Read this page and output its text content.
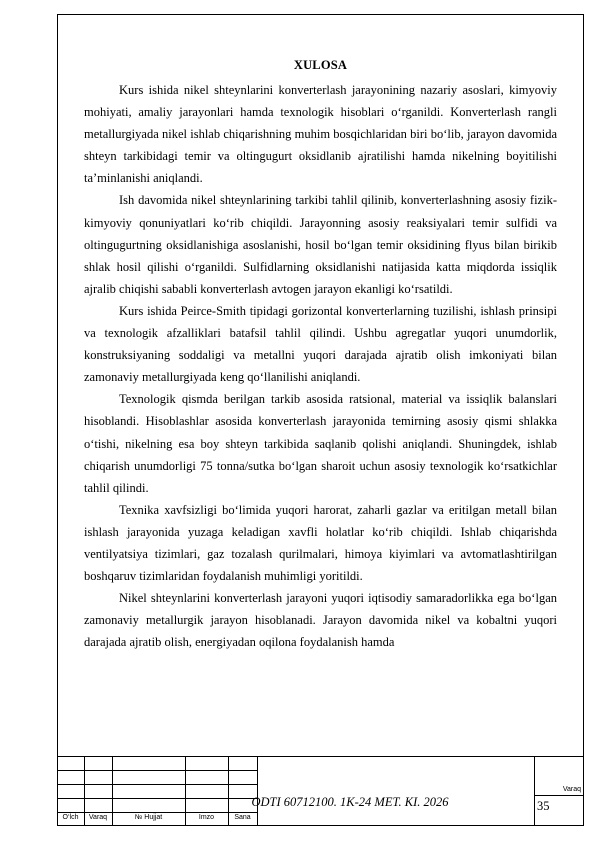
XULOSA

Kurs ishida nikel shteynlarini konverterlash jarayonining nazariy asoslari, kimyoviy mohiyati, amaliy jarayonlari hamda texnologik hisoblari o‘rganildi. Konverterlash rangli metallurgiyada nikel ishlab chiqarishning muhim bosqichlaridan biri bo‘lib, jarayon davomida shteyn tarkibidagi temir va oltingugurt oksidlanib ajratilishi hamda nikelning boyitilishi ta’minlanishi aniqlandi.

Ish davomida nikel shteynlarining tarkibi tahlil qilinib, konverterlashning asosiy fizik-kimyoviy qonuniyatlari ko‘rib chiqildi. Jarayonning asosiy reaksiyalari temir sulfidi va oltingugurtning oksidlanishiga asoslanishi, hosil bo‘lgan temir oksidining flyus bilan birikib shlak hosil qilishi o‘rganildi. Sulfidlarning oksidlanishi natijasida katta miqdorda issiqlik ajralib chiqishi sababli konverterlash avtogen jarayon ekanligi ko‘rsatildi.

Kurs ishida Peirce-Smith tipidagi gorizontal konverterlarning tuzilishi, ishlash prinsipi va texnologik afzalliklari batafsil tahlil qilindi. Ushbu agregatlar yuqori unumdorlik, konstruksiyaning soddaligi va metallni yuqori darajada ajratib olish imkoniyati bilan zamonaviy metallurgiyada keng qo‘llanilishi aniqlandi.

Texnologik qismda berilgan tarkib asosida ratsional, material va issiqlik balanslari hisoblandi. Hisoblashlar asosida konverterlash jarayonida temirning asosiy qismi shlakka o‘tishi, nikelning esa boy shteyn tarkibida saqlanib qolishi aniqlandi. Shuningdek, ishlab chiqarish unumdorligi 75 tonna/sutka bo‘lgan sharoit uchun asosiy texnologik ko‘rsatkichlar tahlil qilindi.

Texnika xavfsizligi bo‘limida yuqori harorat, zaharli gazlar va eritilgan metall bilan ishlash jarayonida yuzaga keladigan xavfli holatlar ko‘rib chiqildi. Ishlab chiqarishda ventilyatsiya tizimlari, gaz tozalash qurilmalari, himoya kiyimlari va avtomatlashtirilgan boshqaruv tizimlaridan foydalanish muhimligi yoritildi.

Nikel shteynlarini konverterlash jarayoni yuqori iqtisodiy samaradorlikka ega bo‘lgan zamonaviy metallurgik jarayon hisoblanadi. Jarayon davomida nikel va kobaltni yuqori darajada ajratib olish, energiyadan oqilona foydalanish hamda

O‘lch	Varaq	№ Hujjat	Imzo	Sana
ODTI 60712100. 1K-24 MET. KI. 2026
Varaq
35
